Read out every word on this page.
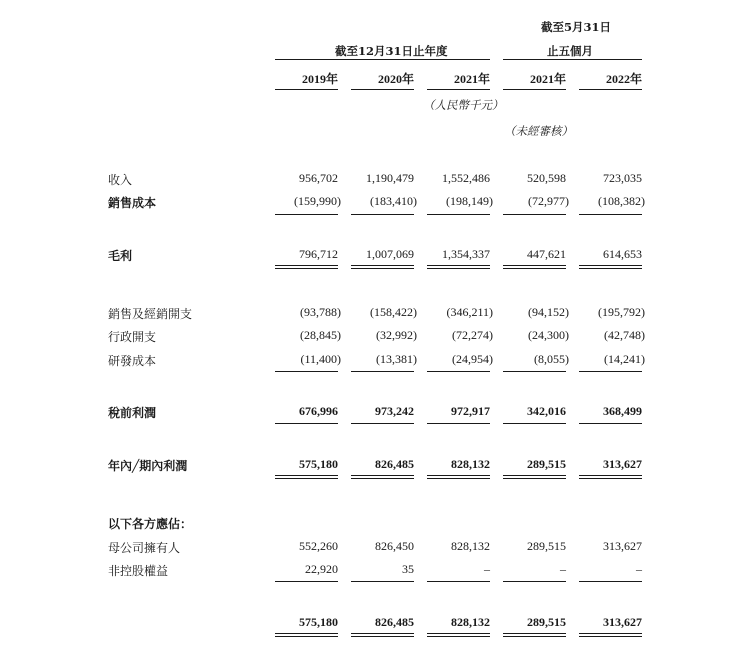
截至5月31日
截至12月31日止年度	止五個月
2019年	2020年	2021年	2021年	2022年
（人民幣千元）
（未經審核）
收入	956,702	1,190,479	1,552,486	520,598	723,035
銷售成本	(159,990)	(183,410)	(198,149)	(72,977)	(108,382)
毛利	796,712	1,007,069	1,354,337	447,621	614,653
銷售及經銷開支	(93,788)	(158,422)	(346,211)	(94,152)	(195,792)
行政開支	(28,845)	(32,992)	(72,274)	(24,300)	(42,748)
研發成本	(11,400)	(13,381)	(24,954)	(8,055)	(14,241)
稅前利潤	676,996	973,242	972,917	342,016	368,499
年內╱期內利潤	575,180	826,485	828,132	289,515	313,627
以下各方應佔：
母公司擁有人	552,260	826,450	828,132	289,515	313,627
非控股權益	22,920	35	–	–	–
575,180	826,485	828,132	289,515	313,627
